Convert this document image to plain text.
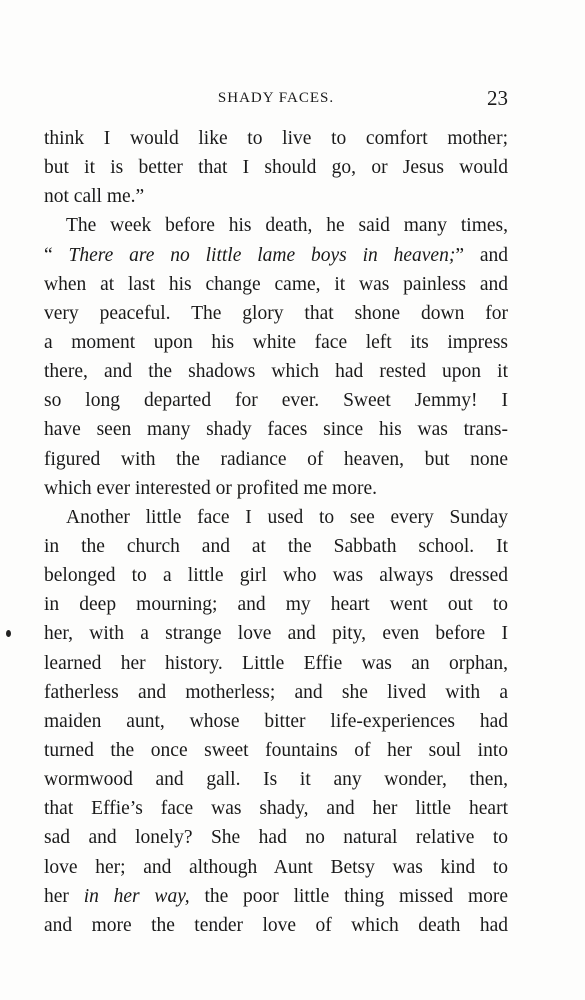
SHADY FACES.	23
think I would like to live to comfort mother;
but it is better that I should go, or Jesus would
not call me.”
The week before his death, he said many times,
“ There are no little lame boys in heaven;” and
when at last his change came, it was painless and
very peaceful. The glory that shone down for
a moment upon his white face left its impress
there, and the shadows which had rested upon it
so long departed for ever. Sweet Jemmy! I
have seen many shady faces since his was trans-
figured with the radiance of heaven, but none
which ever interested or profited me more.
Another little face I used to see every Sunday
in the church and at the Sabbath school. It
belonged to a little girl who was always dressed
in deep mourning; and my heart went out to
her, with a strange love and pity, even before I
learned her history. Little Effie was an orphan,
fatherless and motherless; and she lived with a
maiden aunt, whose bitter life-experiences had
turned the once sweet fountains of her soul into
wormwood and gall. Is it any wonder, then,
that Effie’s face was shady, and her little heart
sad and lonely? She had no natural relative to
love her; and although Aunt Betsy was kind to
her in her way, the poor little thing missed more
and more the tender love of which death had
